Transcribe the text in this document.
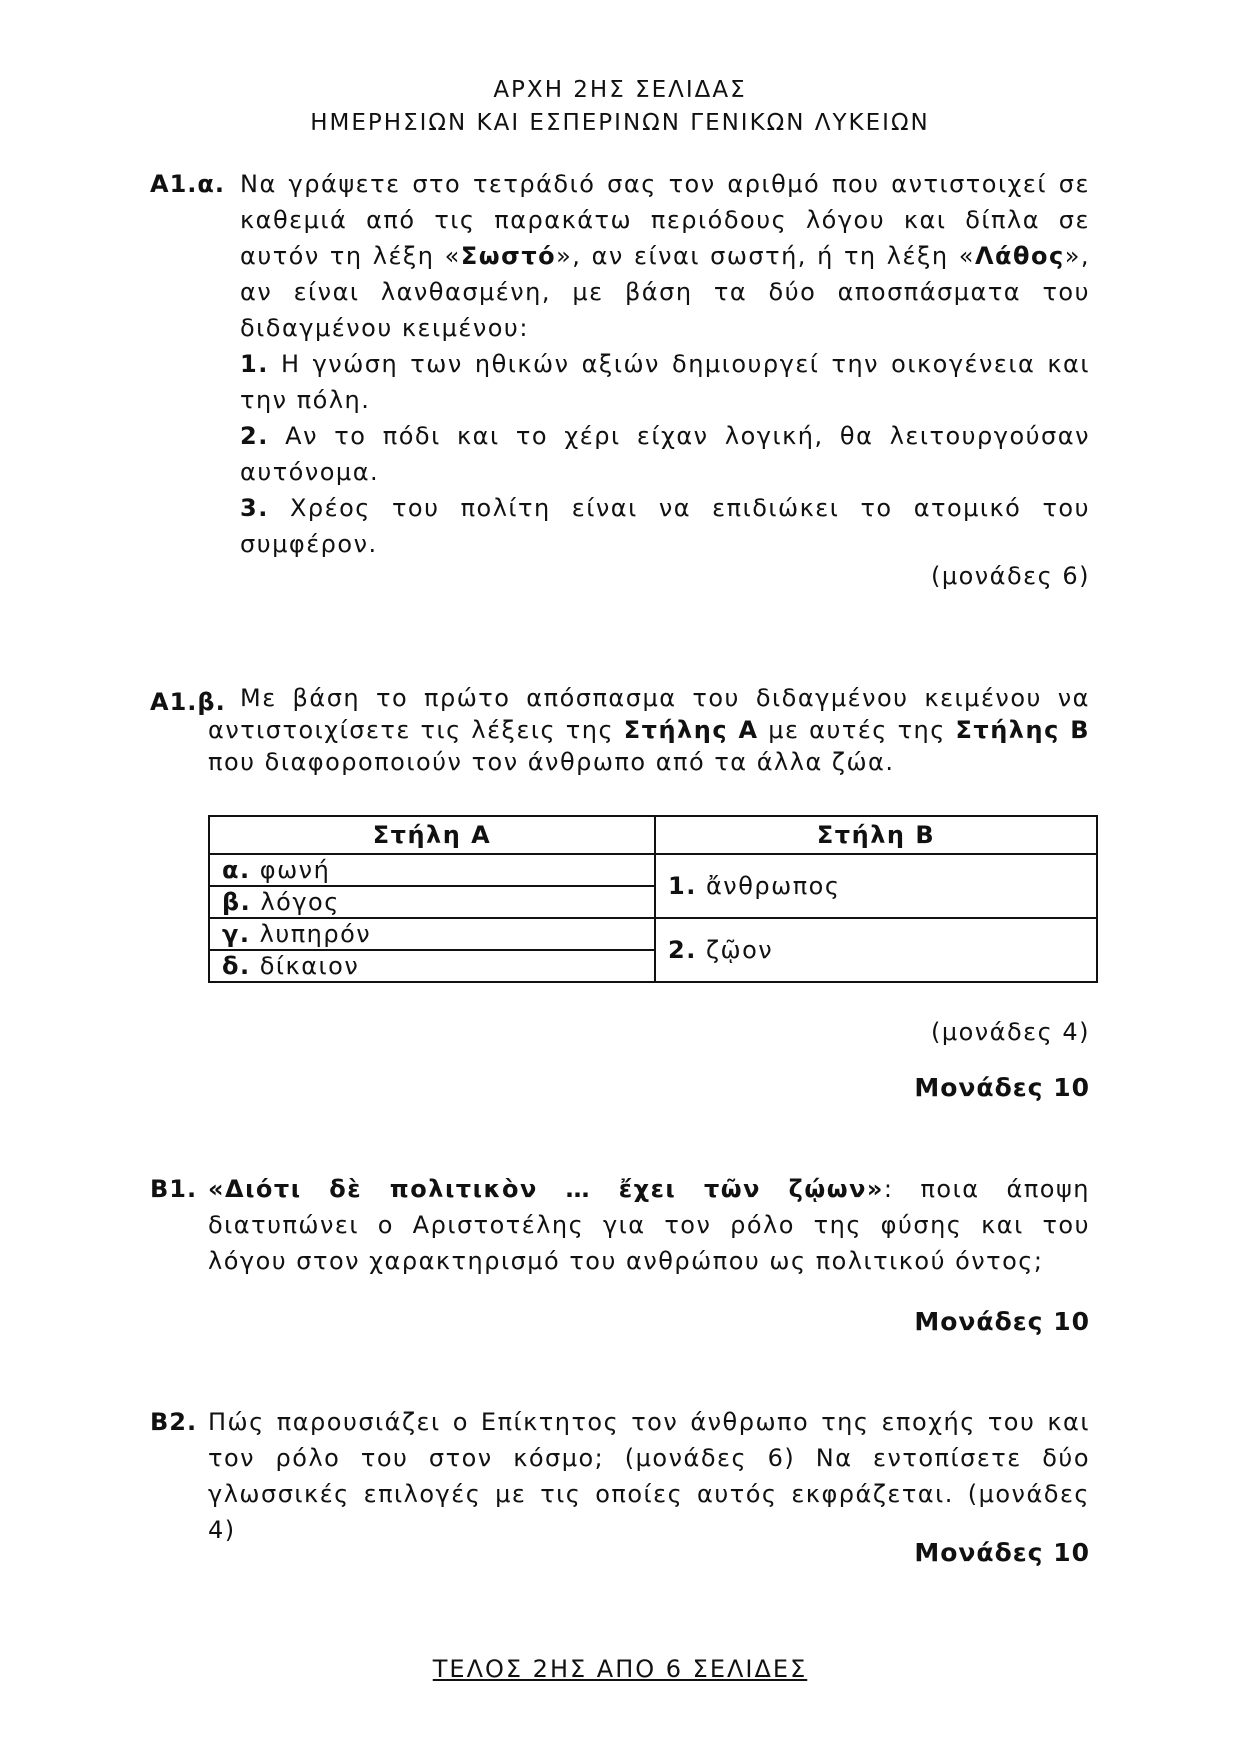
ΑΡΧΗ 2ΗΣ ΣΕΛΙΔΑΣ
ΗΜΕΡΗΣΙΩΝ ΚΑΙ ΕΣΠΕΡΙΝΩΝ ΓΕΝΙΚΩΝ ΛΥΚΕΙΩΝ
Α1.α. Να γράψετε στο τετράδιό σας τον αριθμό που αντιστοιχεί σε καθεμιά από τις παρακάτω περιόδους λόγου και δίπλα σε αυτόν τη λέξη «Σωστό», αν είναι σωστή, ή τη λέξη «Λάθος», αν είναι λανθασμένη, με βάση τα δύο αποσπάσματα του διδαγμένου κειμένου:

1. Η γνώση των ηθικών αξιών δημιουργεί την οικογένεια και την πόλη.

2. Αν το πόδι και το χέρι είχαν λογική, θα λειτουργούσαν αυτόνομα.

3. Χρέος του πολίτη είναι να επιδιώκει το ατομικό του συμφέρον.

(μονάδες 6)
Α1.β. Με βάση το πρώτο απόσπασμα του διδαγμένου κειμένου να αντιστοιχίσετε τις λέξεις της Στήλης Α με αυτές της Στήλης Β που διαφοροποιούν τον άνθρωπο από τα άλλα ζώα.

Στήλη Α	Στήλη Β
α. φωνή	1. ἄνθρωπος
β. λόγος	
γ. λυπηρόν	2. ζῷον
δ. δίκαιον	
(μονάδες 4)
Μονάδες 10
Β1. «Διότι δὲ πολιτικὸν … ἔχει τῶν ζῴων»: ποια άποψη διατυπώνει ο Αριστοτέλης για τον ρόλο της φύσης και του λόγου στον χαρακτηρισμό του ανθρώπου ως πολιτικού όντος;

Μονάδες 10
Β2. Πώς παρουσιάζει ο Επίκτητος τον άνθρωπο της εποχής του και τον ρόλο του στον κόσμο; (μονάδες 6) Να εντοπίσετε δύο γλωσσικές επιλογές με τις οποίες αυτός εκφράζεται. (μονάδες 4)

Μονάδες 10
ΤΕΛΟΣ 2ΗΣ ΑΠΟ 6 ΣΕΛΙΔΕΣ
